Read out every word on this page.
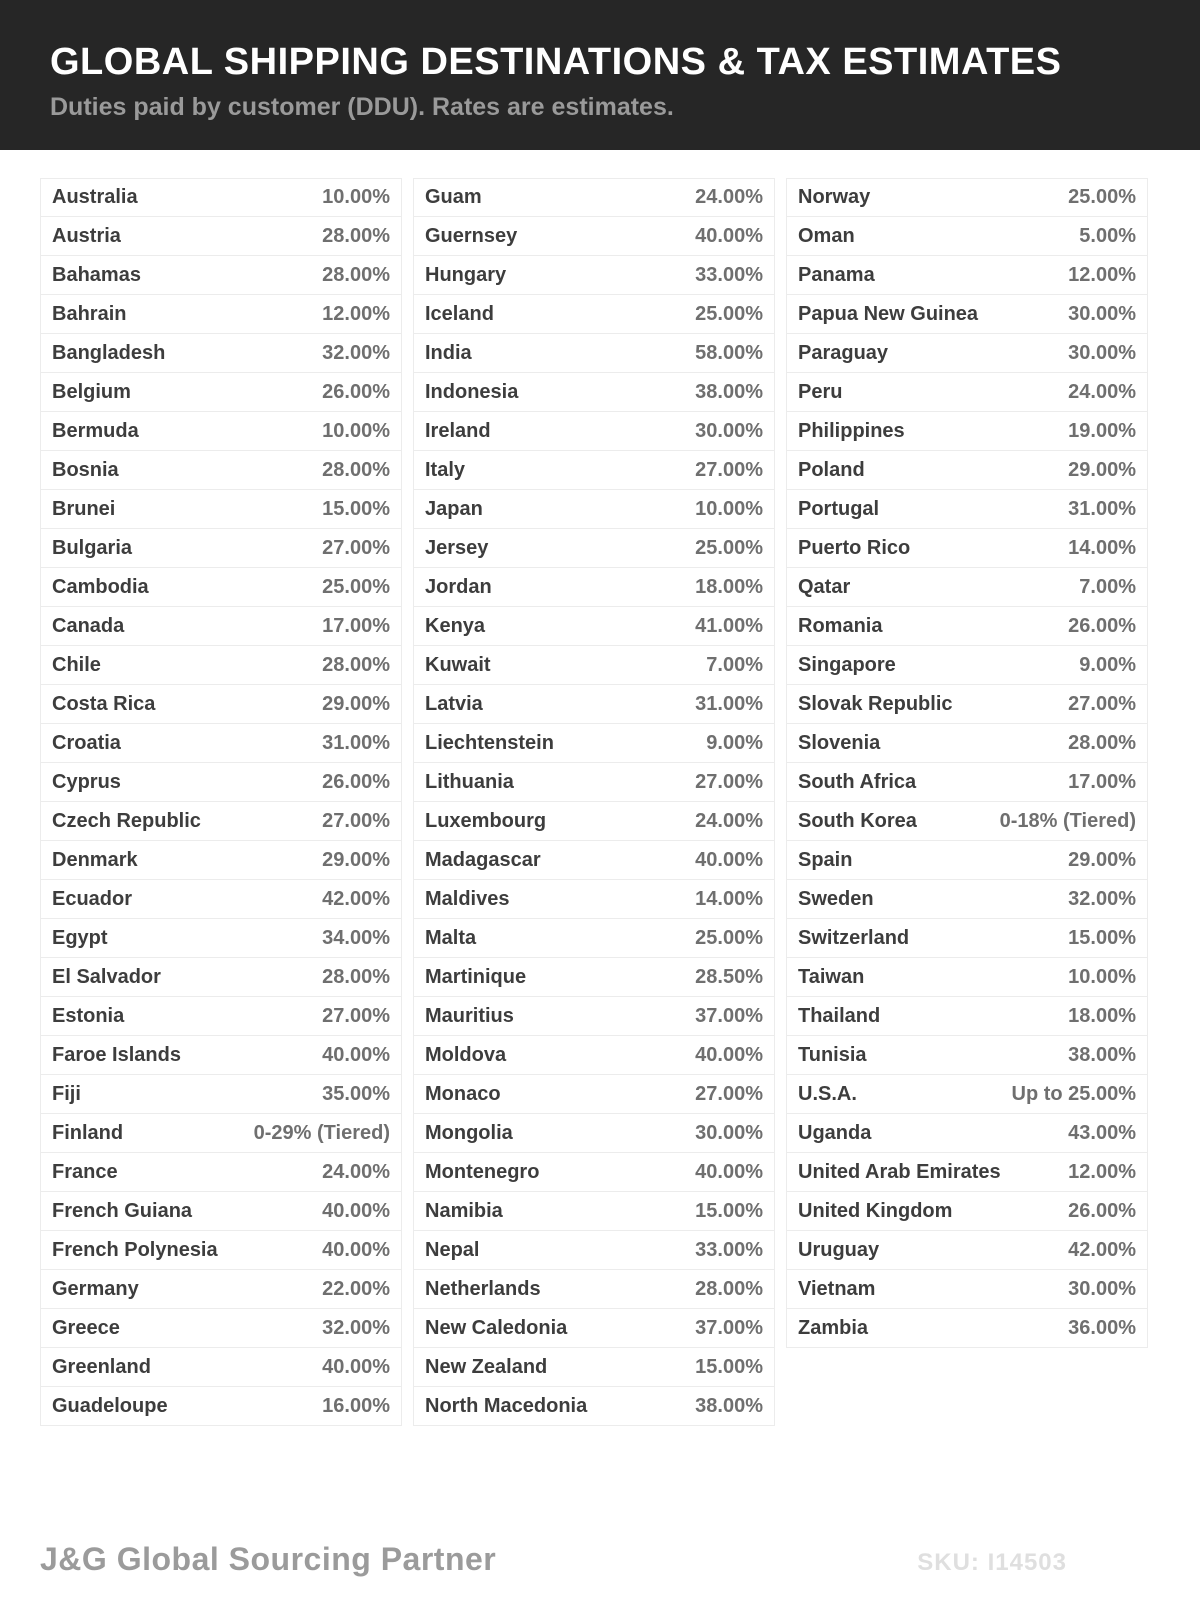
GLOBAL SHIPPING DESTINATIONS & TAX ESTIMATES
Duties paid by customer (DDU). Rates are estimates.
Australia	10.00%
Austria	28.00%
Bahamas	28.00%
Bahrain	12.00%
Bangladesh	32.00%
Belgium	26.00%
Bermuda	10.00%
Bosnia	28.00%
Brunei	15.00%
Bulgaria	27.00%
Cambodia	25.00%
Canada	17.00%
Chile	28.00%
Costa Rica	29.00%
Croatia	31.00%
Cyprus	26.00%
Czech Republic	27.00%
Denmark	29.00%
Ecuador	42.00%
Egypt	34.00%
El Salvador	28.00%
Estonia	27.00%
Faroe Islands	40.00%
Fiji	35.00%
Finland	0-29% (Tiered)
France	24.00%
French Guiana	40.00%
French Polynesia	40.00%
Germany	22.00%
Greece	32.00%
Greenland	40.00%
Guadeloupe	16.00%
Guam	24.00%
Guernsey	40.00%
Hungary	33.00%
Iceland	25.00%
India	58.00%
Indonesia	38.00%
Ireland	30.00%
Italy	27.00%
Japan	10.00%
Jersey	25.00%
Jordan	18.00%
Kenya	41.00%
Kuwait	7.00%
Latvia	31.00%
Liechtenstein	9.00%
Lithuania	27.00%
Luxembourg	24.00%
Madagascar	40.00%
Maldives	14.00%
Malta	25.00%
Martinique	28.50%
Mauritius	37.00%
Moldova	40.00%
Monaco	27.00%
Mongolia	30.00%
Montenegro	40.00%
Namibia	15.00%
Nepal	33.00%
Netherlands	28.00%
New Caledonia	37.00%
New Zealand	15.00%
North Macedonia	38.00%
Norway	25.00%
Oman	5.00%
Panama	12.00%
Papua New Guinea	30.00%
Paraguay	30.00%
Peru	24.00%
Philippines	19.00%
Poland	29.00%
Portugal	31.00%
Puerto Rico	14.00%
Qatar	7.00%
Romania	26.00%
Singapore	9.00%
Slovak Republic	27.00%
Slovenia	28.00%
South Africa	17.00%
South Korea	0-18% (Tiered)
Spain	29.00%
Sweden	32.00%
Switzerland	15.00%
Taiwan	10.00%
Thailand	18.00%
Tunisia	38.00%
U.S.A.	Up to 25.00%
Uganda	43.00%
United Arab Emirates	12.00%
United Kingdom	26.00%
Uruguay	42.00%
Vietnam	30.00%
Zambia	36.00%
J&G Global Sourcing Partner	SKU: I14503
